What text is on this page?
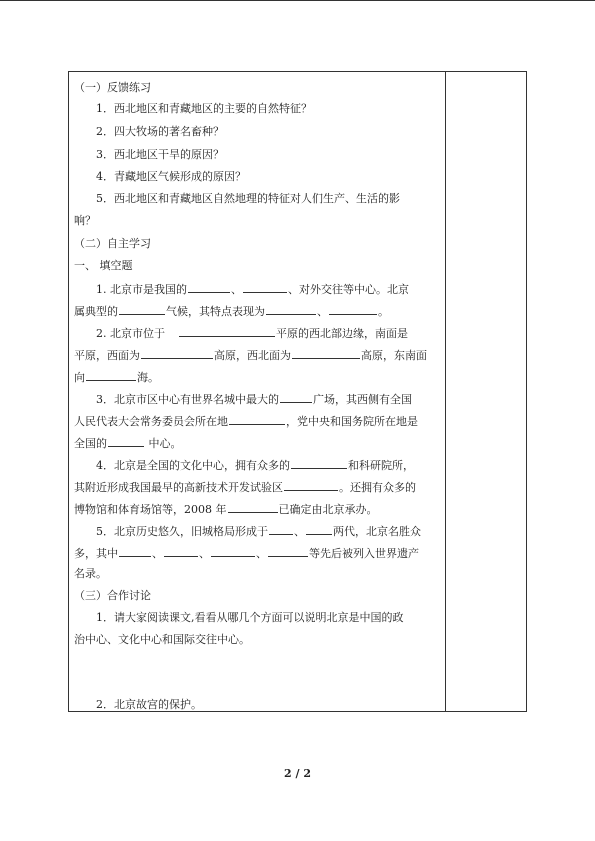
（一）反馈练习
1．西北地区和青藏地区的主要的自然特征？
2．四大牧场的著名畜种？
3．西北地区干旱的原因？
4．青藏地区气候形成的原因？
5．西北地区和青藏地区自然地理的特征对人们生产、生活的影
响？
（二）自主学习
一、 填空题
1. 北京市是我国的	、	、对外交往等中心。北京
属典型的	气候，其特点表现为	、	。
2. 北京市位于	平原的西北部边缘，南面是
平原，西面为	高原，西北面为	高原，东南面
向	海。
3．北京市区中心有世界名城中最大的	广场，其西侧有全国
人民代表大会常务委员会所在地	，党中央和国务院所在地是
全国的	中心。
4．北京是全国的文化中心，拥有众多的	和科研院所，
其附近形成我国最早的高新技术开发试验区	。还拥有众多的
博物馆和体育场馆等，2008 年	已确定由北京承办。
5．北京历史悠久，旧城格局形成于 、	两代，北京名胜众
多，其中	、	、	、	等先后被列入世界遗产
名录。
（三）合作讨论
1．请大家阅读课文,看看从哪几个方面可以说明北京是中国的政
治中心、文化中心和国际交往中心。
2．北京故宫的保护。
2 / 2
